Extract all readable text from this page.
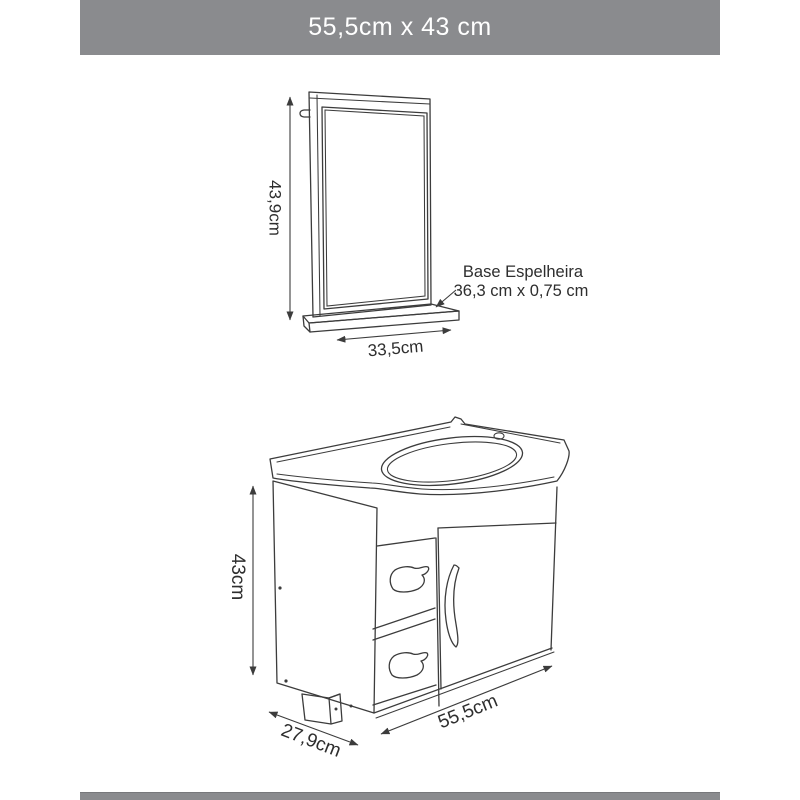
55,5cm x 43 cm
43,9cm
33,5cm
Base Espelheira
36,3 cm x 0,75 cm
43cm
55,5cm
27,9cm
